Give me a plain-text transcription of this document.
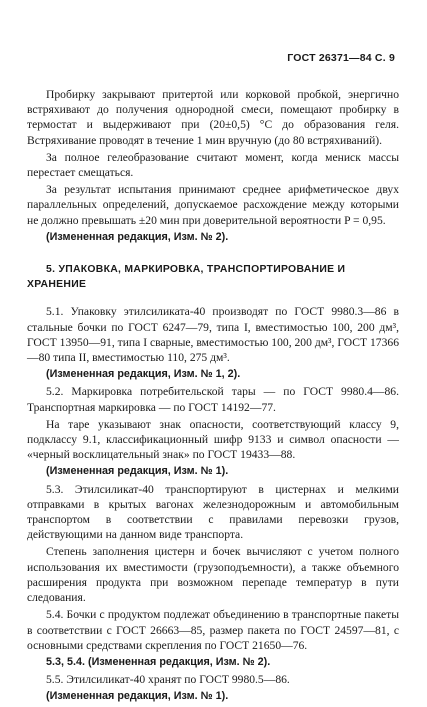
ГОСТ 26371—84 С. 9

Пробирку закрывают притертой или корковой пробкой, энергично встряхивают до получения однородной смеси, помещают пробирку в термостат и выдерживают при (20±0,5) °С до образования геля. Встряхивание проводят в течение 1 мин вручную (до 80 встряхиваний).

За полное гелеобразование считают момент, когда мениск массы перестает смещаться.

За результат испытания принимают среднее арифметическое двух параллельных определений, допускаемое расхождение между которыми не должно превышать ±20 мин при доверительной вероятности P = 0,95.

(Измененная редакция, Изм. № 2).

5. УПАКОВКА, МАРКИРОВКА, ТРАНСПОРТИРОВАНИЕ И ХРАНЕНИЕ

5.1. Упаковку этилсиликата-40 производят по ГОСТ 9980.3—86 в стальные бочки по ГОСТ 6247—79, типа I, вместимостью 100, 200 дм³, ГОСТ 13950—91, типа I сварные, вместимостью 100, 200 дм³, ГОСТ 17366—80 типа II, вместимостью 110, 275 дм³.

(Измененная редакция, Изм. № 1, 2).

5.2. Маркировка потребительской тары — по ГОСТ 9980.4—86. Транспортная маркировка — по ГОСТ 14192—77.

На таре указывают знак опасности, соответствующий классу 9, подклассу 9.1, классификационный шифр 9133 и символ опасности — «черный восклицательный знак» по ГОСТ 19433—88.

(Измененная редакция, Изм. № 1).

5.3. Этилсиликат-40 транспортируют в цистернах и мелкими отправками в крытых вагонах железнодорожным и автомобильным транспортом в соответствии с правилами перевозки грузов, действующими на данном виде транспорта.

Степень заполнения цистерн и бочек вычисляют с учетом полного использования их вместимости (грузоподъемности), а также объемного расширения продукта при возможном перепаде температур в пути следования.

5.4. Бочки с продуктом подлежат объединению в транспортные пакеты в соответствии с ГОСТ 26663—85, размер пакета по ГОСТ 24597—81, с основными средствами скрепления по ГОСТ 21650—76.

5.3, 5.4. (Измененная редакция, Изм. № 2).

5.5. Этилсиликат-40 хранят по ГОСТ 9980.5—86.

(Измененная редакция, Изм. № 1).
